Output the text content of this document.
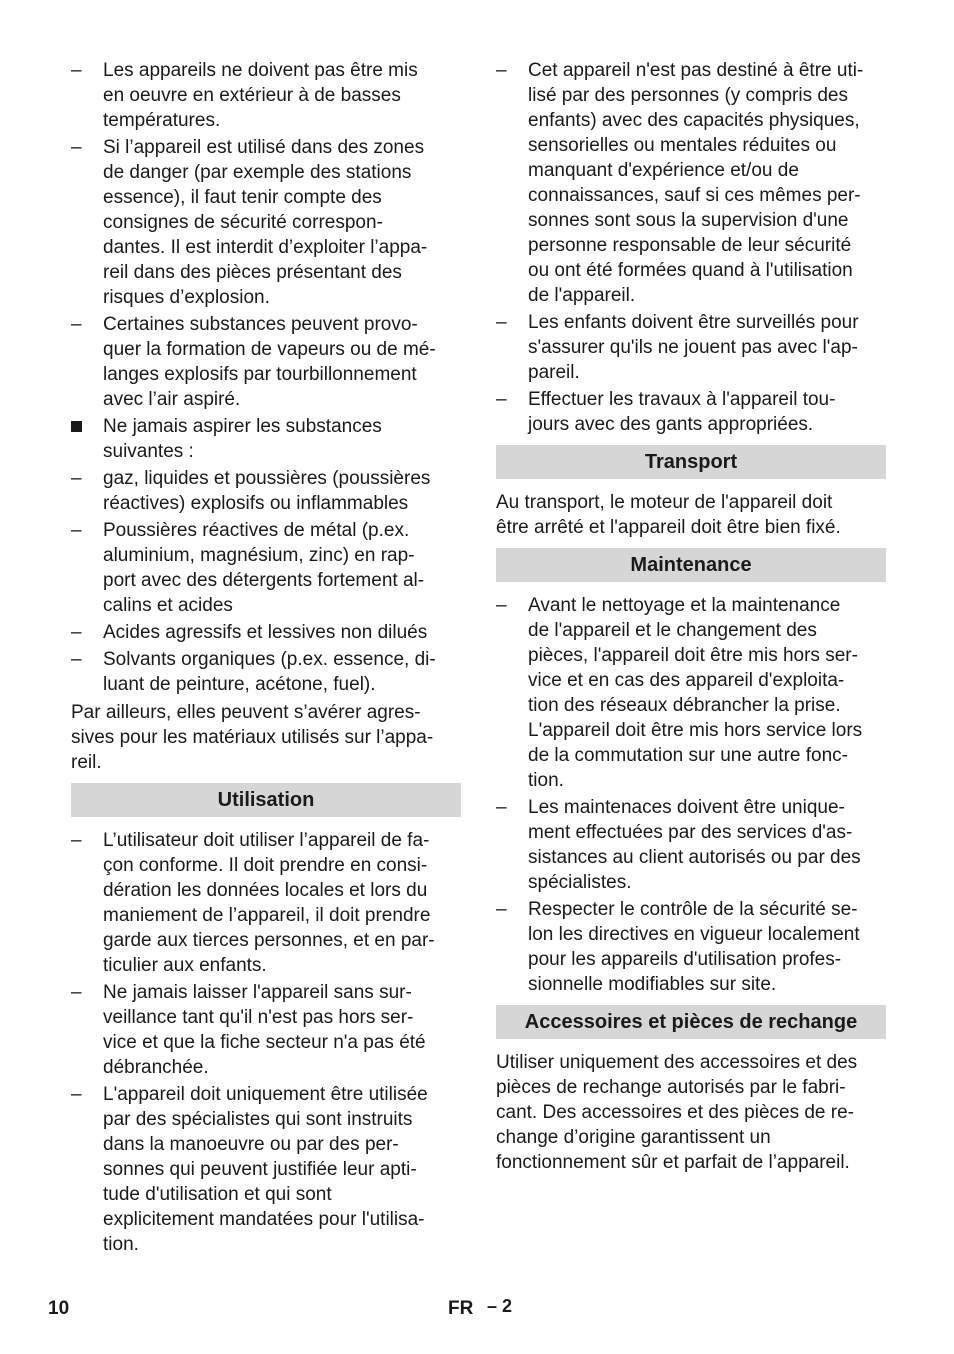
– Les appareils ne doivent pas être mis
en oeuvre en extérieur à de basses
températures.
– Si l’appareil est utilisé dans des zones
de danger (par exemple des stations
essence), il faut tenir compte des
consignes de sécurité correspon-
dantes. Il est interdit d’exploiter l’appa-
reil dans des pièces présentant des
risques d’explosion.
– Certaines substances peuvent provo-
quer la formation de vapeurs ou de mé-
langes explosifs par tourbillonnement
avec l’air aspiré.
Ne jamais aspirer les substances
suivantes :
– gaz, liquides et poussières (poussières
réactives) explosifs ou inflammables
– Poussières réactives de métal (p.ex.
aluminium, magnésium, zinc) en rap-
port avec des détergents fortement al-
calins et acides
– Acides agressifs et lessives non dilués
– Solvants organiques (p.ex. essence, di-
luant de peinture, acétone, fuel).
Par ailleurs, elles peuvent s’avérer agres-
sives pour les matériaux utilisés sur l’appa-
reil.
Utilisation
– L’utilisateur doit utiliser l’appareil de fa-
çon conforme. Il doit prendre en consi-
dération les données locales et lors du
maniement de l’appareil, il doit prendre
garde aux tierces personnes, et en par-
ticulier aux enfants.
– Ne jamais laisser l'appareil sans sur-
veillance tant qu'il n'est pas hors ser-
vice et que la fiche secteur n'a pas été
débranchée.
– L'appareil doit uniquement être utilisée
par des spécialistes qui sont instruits
dans la manoeuvre ou par des per-
sonnes qui peuvent justifiée leur apti-
tude d'utilisation et qui sont
explicitement mandatées pour l'utilisa-
tion.
– Cet appareil n'est pas destiné à être uti-
lisé par des personnes (y compris des
enfants) avec des capacités physiques,
sensorielles ou mentales réduites ou
manquant d'expérience et/ou de
connaissances, sauf si ces mêmes per-
sonnes sont sous la supervision d'une
personne responsable de leur sécurité
ou ont été formées quand à l'utilisation
de l'appareil.
– Les enfants doivent être surveillés pour
s'assurer qu'ils ne jouent pas avec l'ap-
pareil.
– Effectuer les travaux à l'appareil tou-
jours avec des gants appropriées.
Transport
Au transport, le moteur de l'appareil doit
être arrêté et l'appareil doit être bien fixé.
Maintenance
– Avant le nettoyage et la maintenance
de l'appareil et le changement des
pièces, l'appareil doit être mis hors ser-
vice et en cas des appareil d'exploita-
tion des réseaux débrancher la prise.
L'appareil doit être mis hors service lors
de la commutation sur une autre fonc-
tion.
– Les maintenaces doivent être unique-
ment effectuées par des services d'as-
sistances au client autorisés ou par des
spécialistes.
– Respecter le contrôle de la sécurité se-
lon les directives en vigueur localement
pour les appareils d'utilisation profes-
sionnelle modifiables sur site.
Accessoires et pièces de rechange
Utiliser uniquement des accessoires et des
pièces de rechange autorisés par le fabri-
cant. Des accessoires et des pièces de re-
change d’origine garantissent un
fonctionnement sûr et parfait de l’appareil.
10	FR – 2
